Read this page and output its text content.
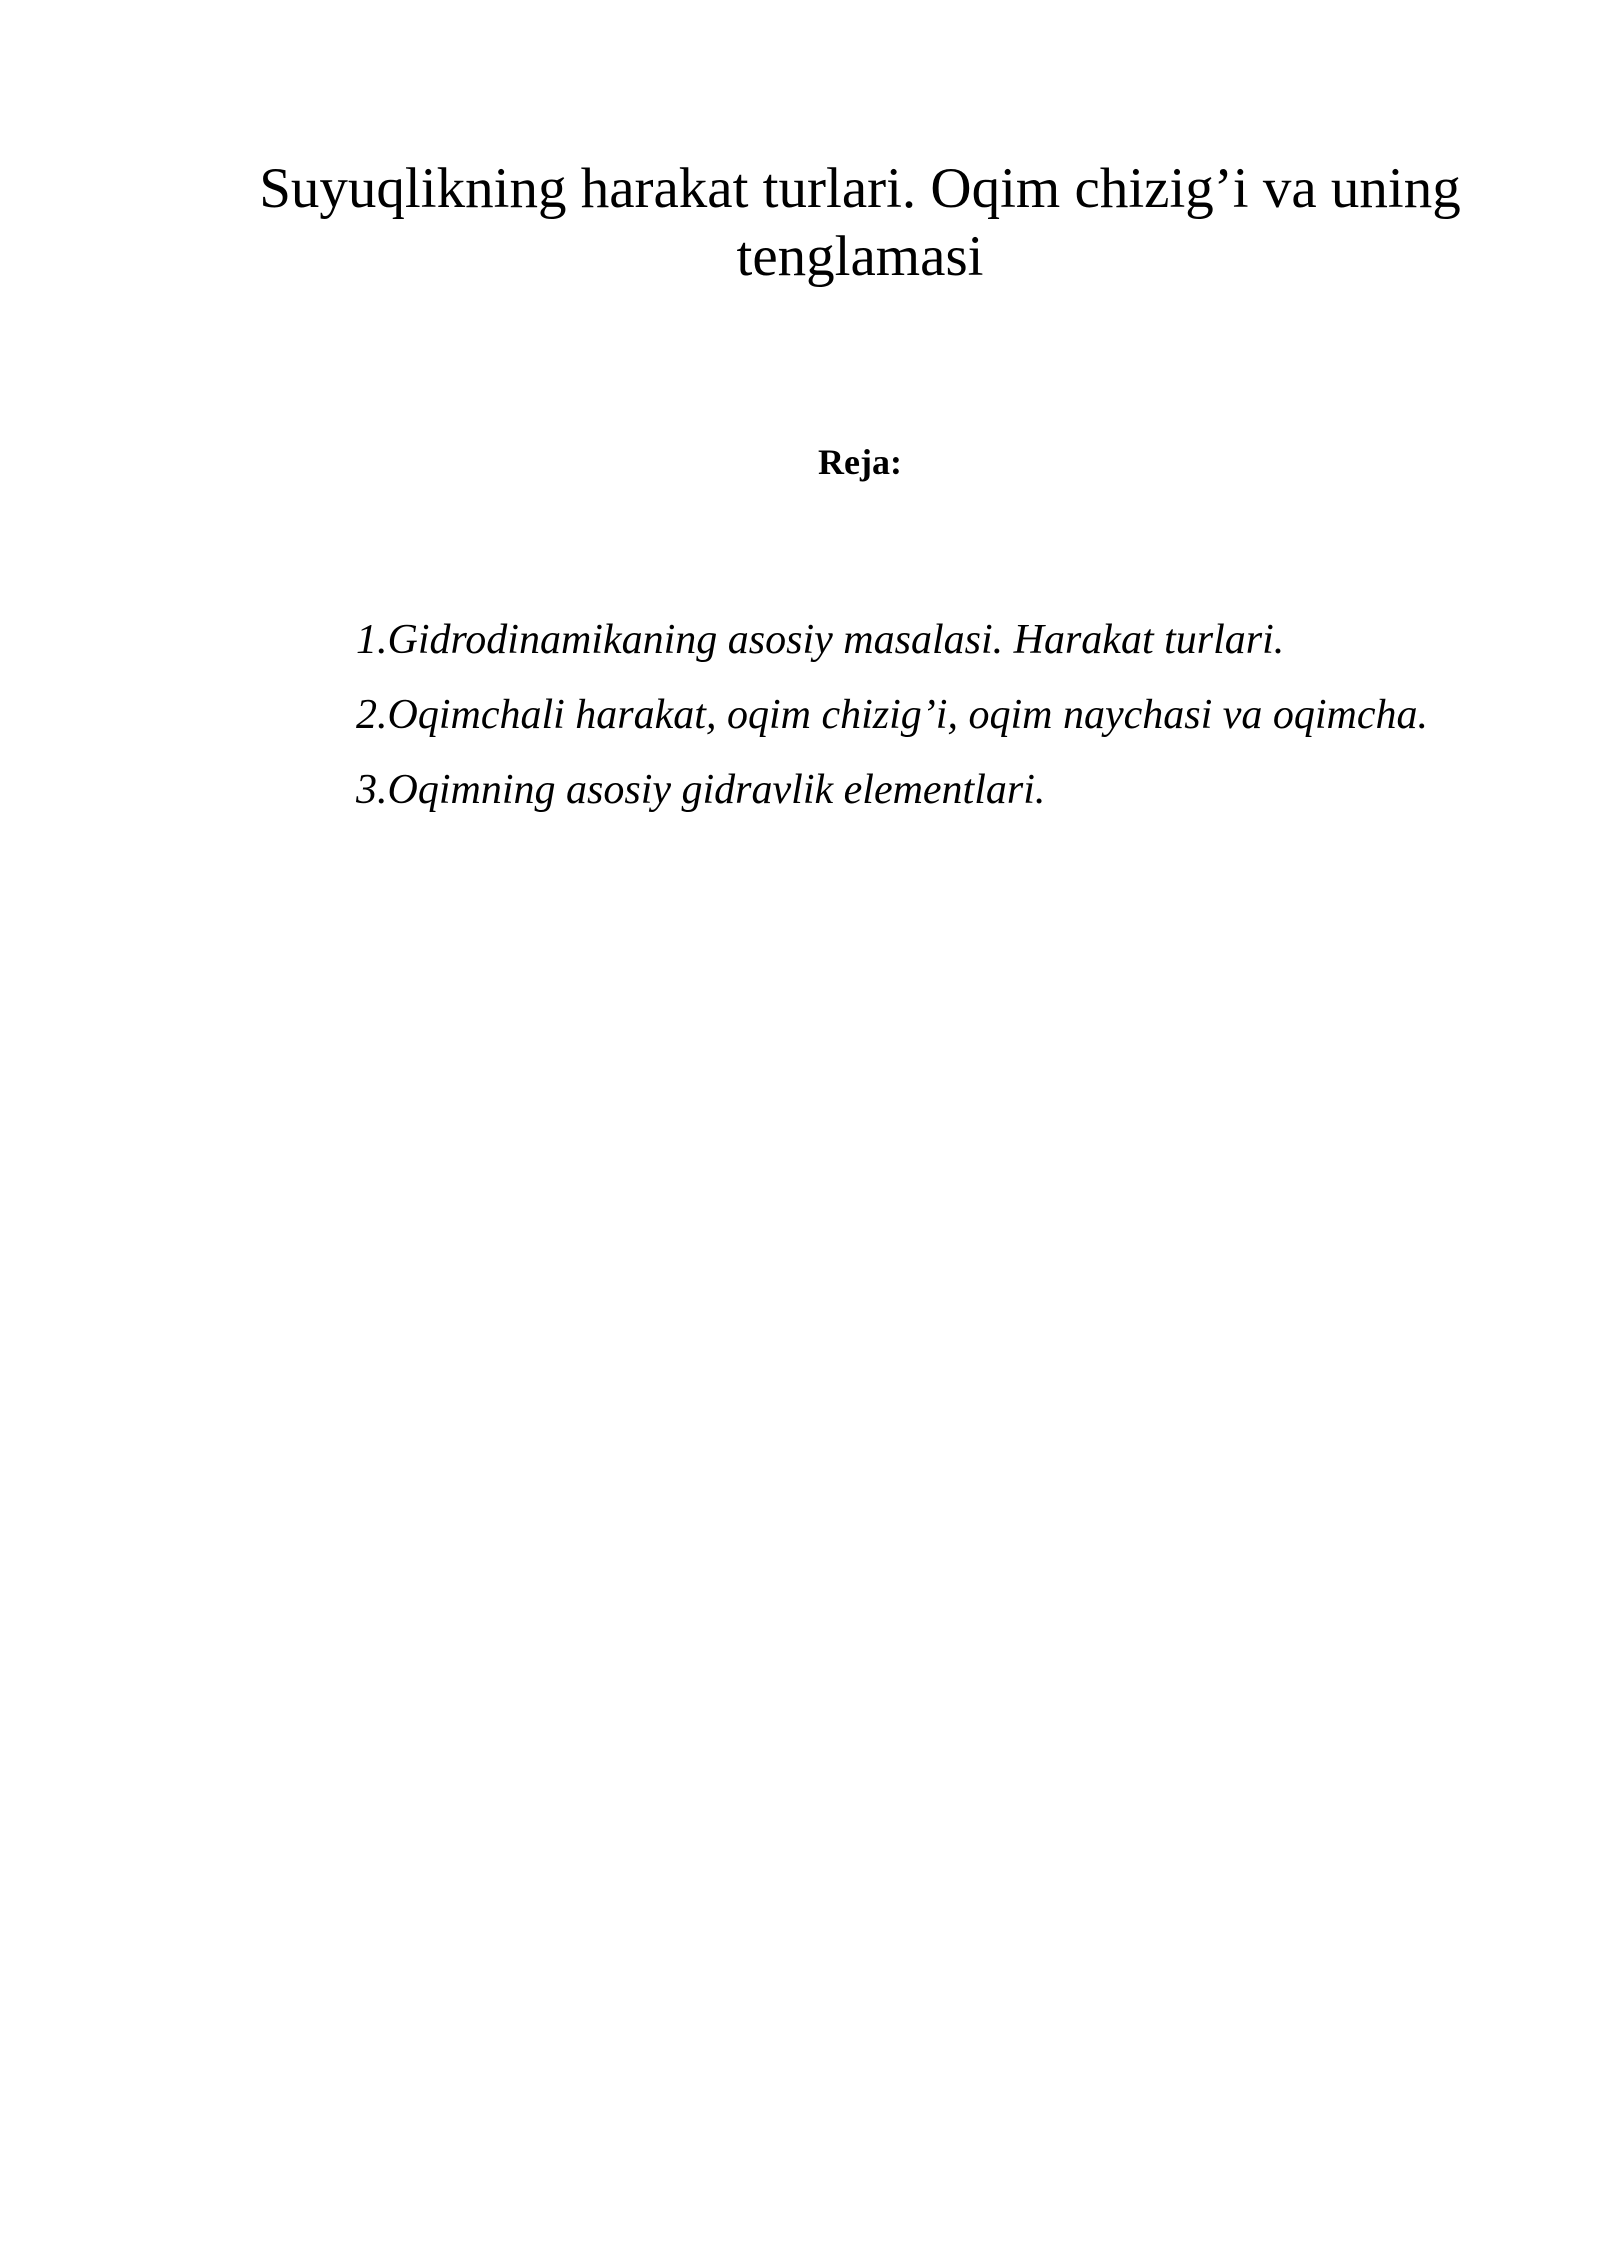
Suyuqlikning harakat turlari. Oqim chizig’i va uning tenglamasi

Reja:

1.Gidrodinamikaning asosiy masalasi. Harakat turlari.
2.Oqimchali harakat, oqim chizig’i, oqim naychasi va oqimcha.
3.Oqimning asosiy gidravlik elementlari.
